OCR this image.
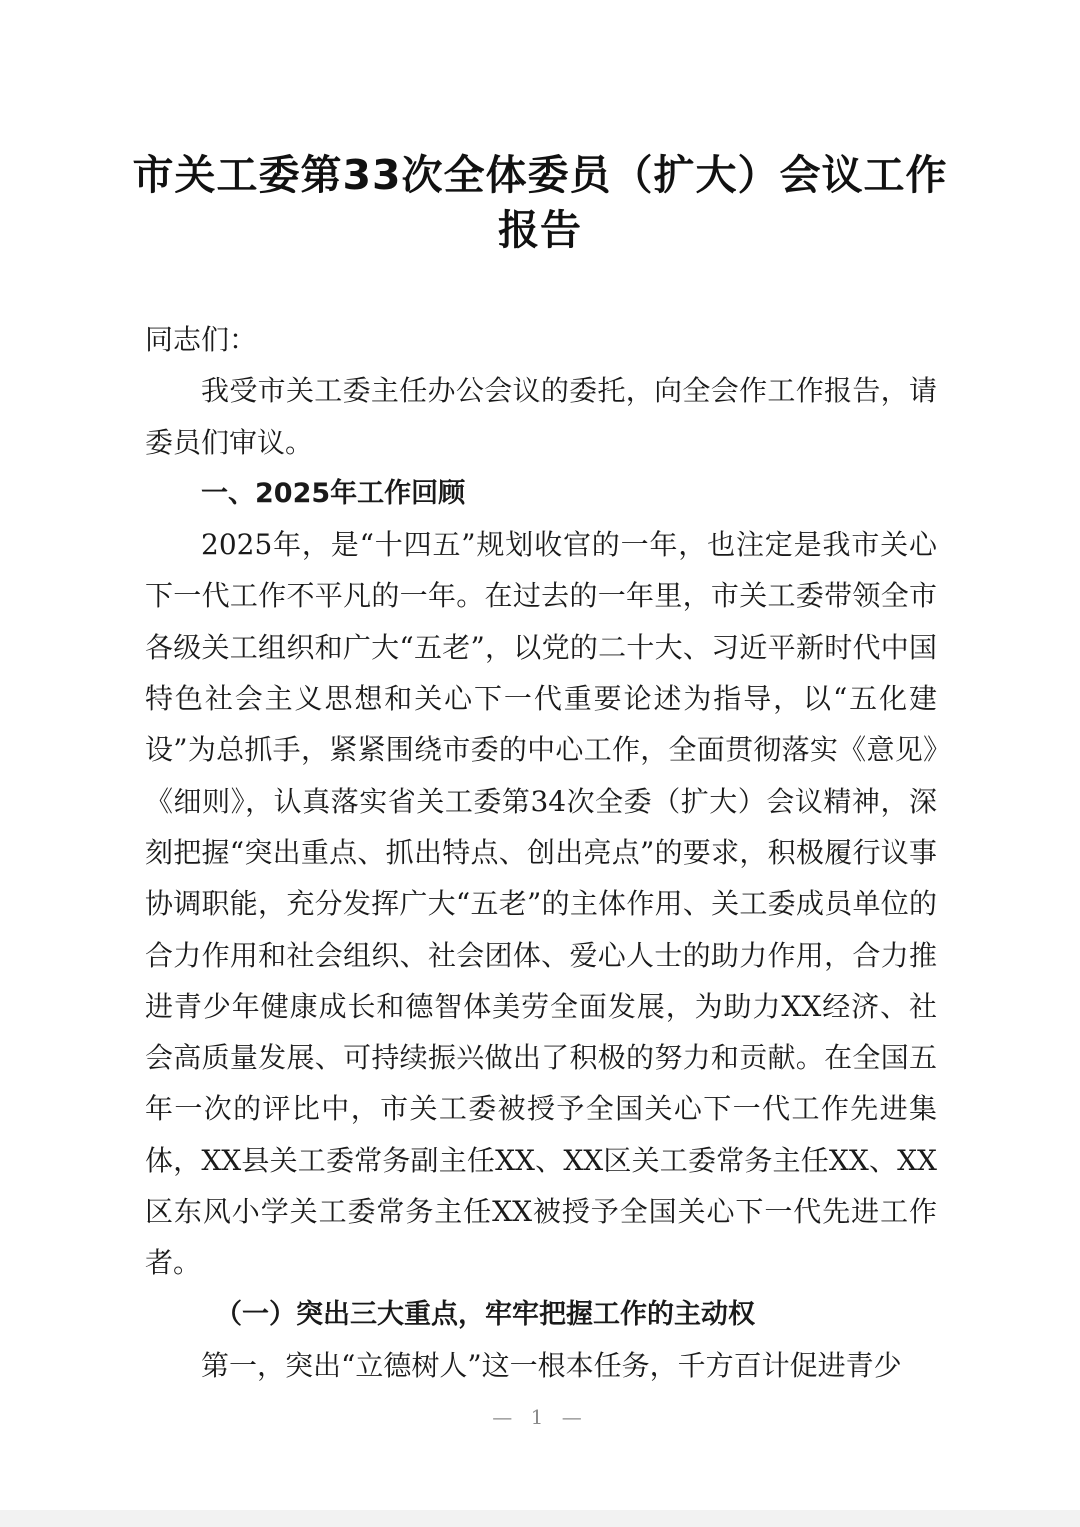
市关工委第33次全体委员（扩大）会议工作报告

同志们：

我受市关工委主任办公会议的委托，向全会作工作报告，请委员们审议。

一、2025年工作回顾

2025年，是“十四五”规划收官的一年，也注定是我市关心下一代工作不平凡的一年。在过去的一年里，市关工委带领全市各级关工组织和广大“五老”，以党的二十大、习近平新时代中国特色社会主义思想和关心下一代重要论述为指导，以“五化建设”为总抓手，紧紧围绕市委的中心工作，全面贯彻落实《意见》《细则》，认真落实省关工委第34次全委（扩大）会议精神，深刻把握“突出重点、抓出特点、创出亮点”的要求，积极履行议事协调职能，充分发挥广大“五老”的主体作用、关工委成员单位的合力作用和社会组织、社会团体、爱心人士的助力作用，合力推进青少年健康成长和德智体美劳全面发展，为助力XX经济、社会高质量发展、可持续振兴做出了积极的努力和贡献。在全国五年一次的评比中，市关工委被授予全国关心下一代工作先进集体，XX县关工委常务副主任XX、XX区关工委常务主任XX、XX区东风小学关工委常务主任XX被授予全国关心下一代先进工作者。

（一）突出三大重点，牢牢把握工作的主动权

第一，突出“立德树人”这一根本任务，千方百计促进青少

— 1 —
